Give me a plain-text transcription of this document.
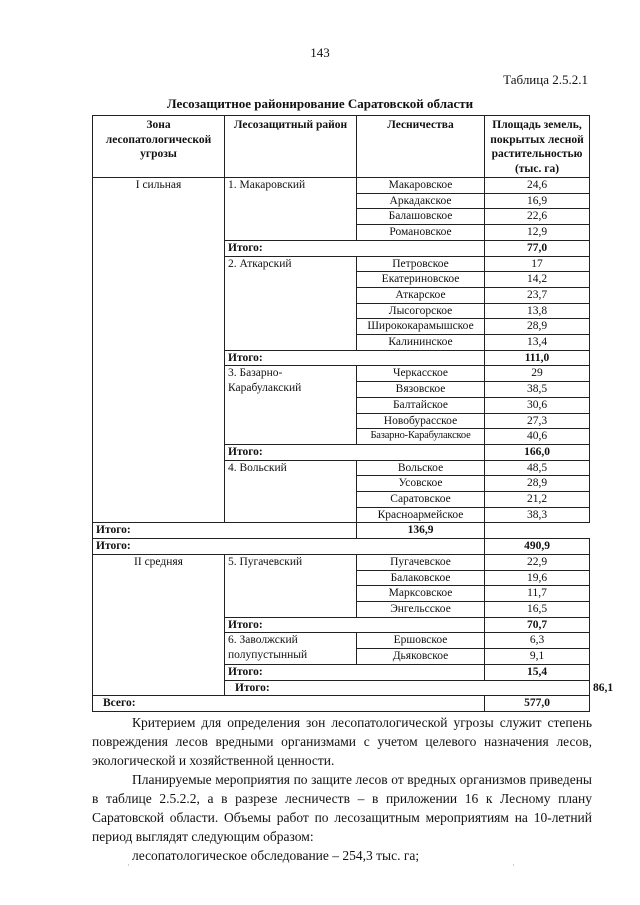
143
Таблица 2.5.2.1
Лесозащитное районирование Саратовской области
Зона лесопатологической угрозы	Лесозащитный район	Лесничества	Площадь земель, покрытых лесной растительностью (тыс. га)	
I сильная	1. Макаровский	Макаровское	24,6	
		Аркадакское	16,9	
		Балашовское	22,6	
		Романовское	12,9	
	Итого:		77,0	
	2. Аткарский	Петровское	17	
		Екатериновское	14,2	
		Аткарское	23,7	
		Лысогорское	13,8	
		Ширококарамышское	28,9	
		Калининское	13,4	
	Итого:		111,0	
	3. Базарно-Карабулакский	Черкасское	29	
		Вязовское	38,5	
		Балтайское	30,6	
		Новобурасское	27,3	
		Базарно-Карабулакское	40,6	
	Итого:		166,0	
	4. Вольский	Вольское	48,5	
		Усовское	28,9	
		Саратовское	21,2	
		Красноармейское	38,3	
Итого:		136,9		
Итого:			490,9	
II средняя	5. Пугачевский	Пугачевское	22,9	
		Балаковское	19,6	
		Марксовское	11,7	
		Энгельсское	16,5	
	Итого:		70,7	
	6. Заволжский полупустынный	Ершовское	6,3	
		Дьяковское	9,1	
	Итого:		15,4	
	Итого:			86,1
Всего:			577,0	
Критерием для определения зон лесопатологической угрозы служит степень повреждения лесов вредными организмами с учетом целевого назначения лесов, экологической и хозяйственной ценности.
Планируемые мероприятия по защите лесов от вредных организмов приведены в таблице 2.5.2.2, а в разрезе лесничеств – в приложении 16 к Лесному плану Саратовской области. Объемы работ по лесозащитным мероприятиям на 10-летний период выглядят следующим образом:
лесопатологическое обследование – 254,3 тыс. га;
·	·
